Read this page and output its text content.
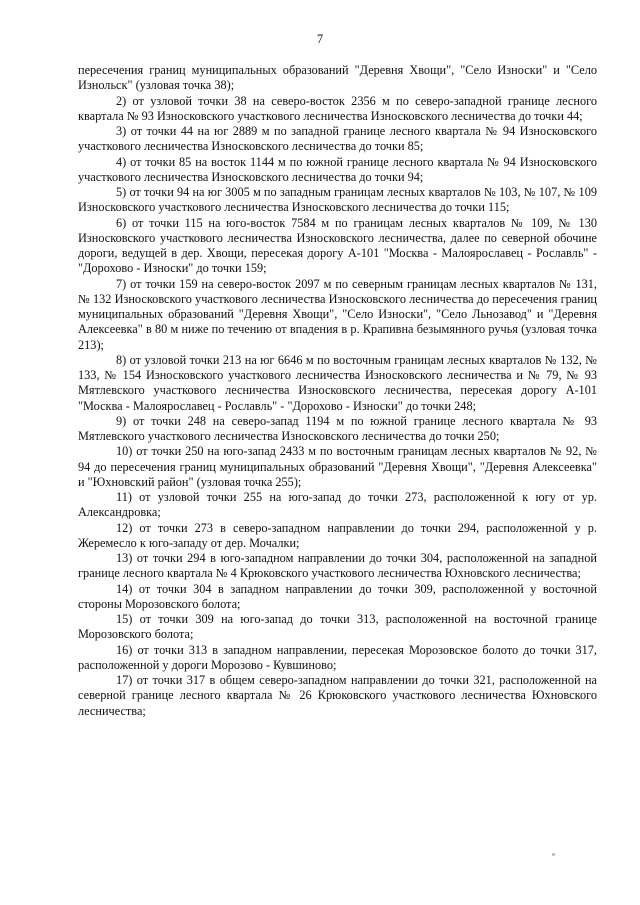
7

пересечения границ муниципальных образований "Деревня Хвощи", "Село Износки" и "Село Изнольск" (узловая точка 38);

2) от узловой точки 38 на северо-восток 2356 м по северо-западной границе лесного квартала № 93 Износковского участкового лесничества Износковского лесничества до точки 44;

3) от точки 44 на юг 2889 м по западной границе лесного квартала № 94 Износковского участкового лесничества Износковского лесничества до точки 85;

4) от точки 85 на восток 1144 м по южной границе лесного квартала № 94 Износковского участкового лесничества Износковского лесничества до точки 94;

5) от точки 94 на юг 3005 м по западным границам лесных кварталов № 103, № 107, № 109 Износковского участкового лесничества Износковского лесничества до точки 115;

6) от точки 115 на юго-восток 7584 м по границам лесных кварталов № 109, № 130 Износковского участкового лесничества Износковского лесничества, далее по северной обочине дороги, ведущей в дер. Хвощи, пересекая дорогу А-101 "Москва - Малоярославец - Рославль" - "Дорохово - Износки" до точки 159;

7) от точки 159 на северо-восток 2097 м по северным границам лесных кварталов № 131, № 132 Износковского участкового лесничества Износковского лесничества до пересечения границ муниципальных образований "Деревня Хвощи", "Село Износки", "Село Льнозавод" и "Деревня Алексеевка" в 80 м ниже по течению от впадения в р. Крапивна безымянного ручья (узловая точка 213);

8) от узловой точки 213 на юг 6646 м по восточным границам лесных кварталов № 132, № 133, № 154 Износковского участкового лесничества Износковского лесничества и № 79, № 93 Мятлевского участкового лесничества Износковского лесничества, пересекая дорогу А-101 "Москва - Малоярославец - Рославль" - "Дорохово - Износки" до точки 248;

9) от точки 248 на северо-запад 1194 м по южной границе лесного квартала № 93 Мятлевского участкового лесничества Износковского лесничества до точки 250;

10) от точки 250 на юго-запад 2433 м по восточным границам лесных кварталов № 92, № 94 до пересечения границ муниципальных образований "Деревня Хвощи", "Деревня Алексеевка" и "Юхновский район" (узловая точка 255);

11) от узловой точки 255 на юго-запад до точки 273, расположенной к югу от ур. Александровка;

12) от точки 273 в северо-западном направлении до точки 294, расположенной у р. Жеремесло к юго-западу от дер. Мочалки;

13) от точки 294 в юго-западном направлении до точки 304, расположенной на западной границе лесного квартала № 4 Крюковского участкового лесничества Юхновского лесничества;

14) от точки 304 в западном направлении до точки 309, расположенной у восточной стороны Морозовского болота;

15) от точки 309 на юго-запад до точки 313, расположенной на восточной границе Морозовского болота;

16) от точки 313 в западном направлении, пересекая Морозовское болото до точки 317, расположенной у дороги Морозово - Кувшиново;

17) от точки 317 в общем северо-западном направлении до точки 321, расположенной на северной границе лесного квартала № 26 Крюковского участкового лесничества Юхновского лесничества;
